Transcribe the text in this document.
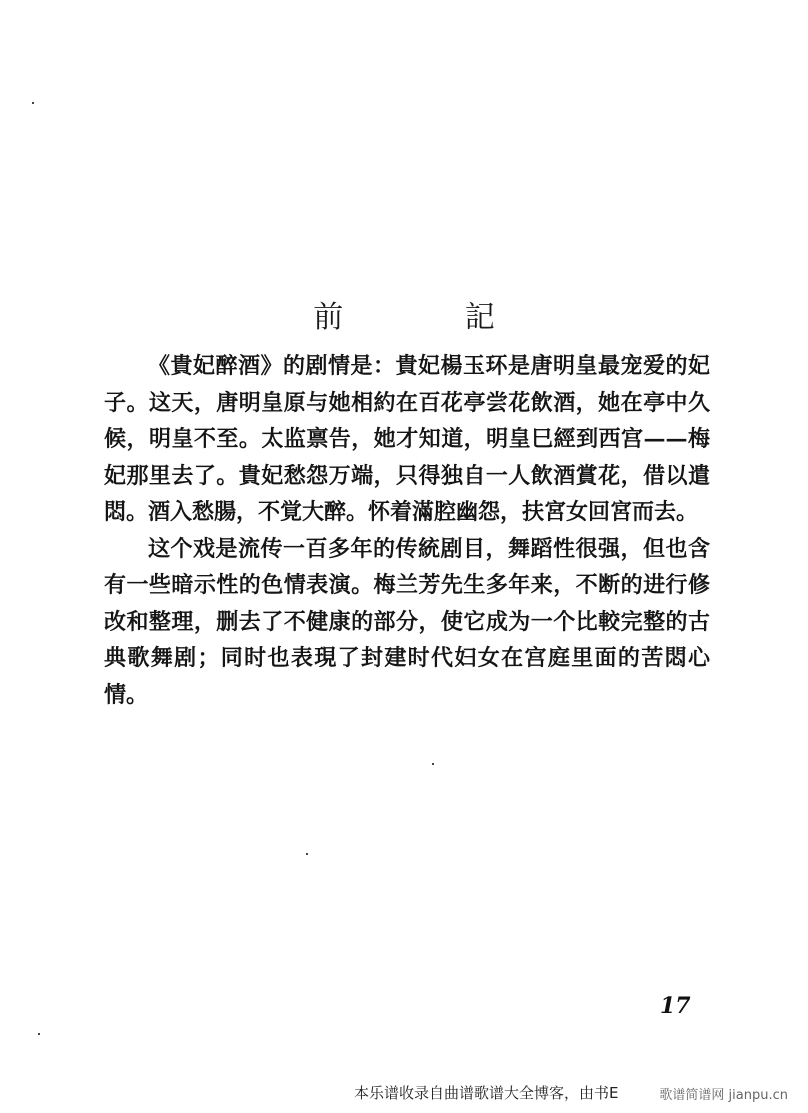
前 記

《貴妃醉酒》的剧情是：貴妃楊玉环是唐明皇最宠爱的妃子。这天，唐明皇原与她相約在百花亭尝花飲酒，她在亭中久候，明皇不至。太监禀告，她才知道，明皇巳經到西宫——梅妃那里去了。貴妃愁怨万端，只得独自一人飲酒賞花，借以遣悶。酒入愁腸，不覚大醉。怀着滿腔幽怨，扶宮女回宮而去。

这个戏是流传一百多年的传統剧目，舞蹈性很强，但也含有一些暗示性的色情表演。梅兰芳先生多年来，不断的进行修改和整理，删去了不健康的部分，使它成为一个比較完整的古典歌舞剧；同时也表現了封建时代妇女在宫庭里面的苦悶心情。

17
本乐谱收录自曲谱歌谱大全博客，由书E	歌谱简谱网 jianpu.cn
